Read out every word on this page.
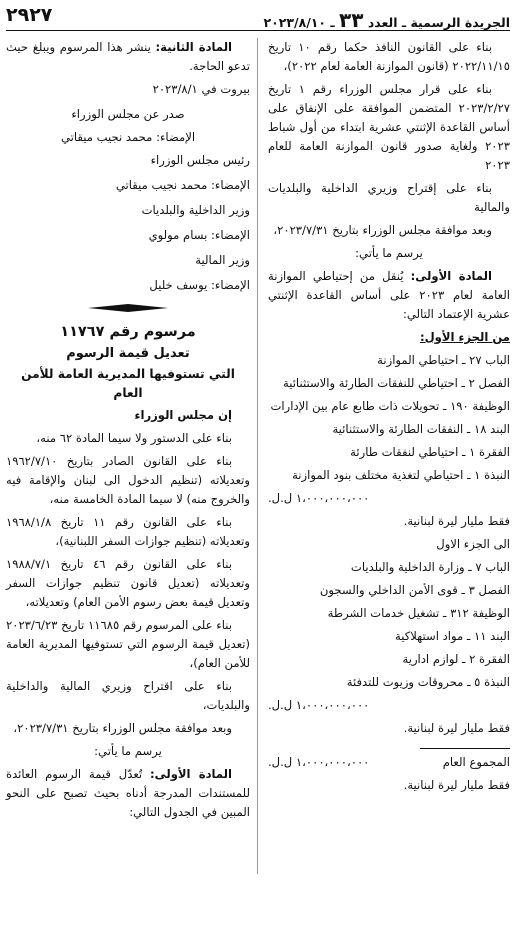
٢٩٢٧	الجريدة الرسمية ـ العدد ٣٣ ـ ٢٠٢٣/٨/١٠

بناء على القانون النافذ حكما رقم ١٠ تاريخ ٢٠٢٢/١١/١٥ (قانون الموازنة العامة لعام ٢٠٢٢)،

بناء على قرار مجلس الوزراء رقم ١ تاريخ ٢٠٢٣/٢/٢٧ المتضمن الموافقة على الإنفاق على أساس القاعدة الإثنتي عشرية ابتداء من أول شباط ٢٠٢٣ ولغاية صدور قانون الموازنة العامة للعام ٢٠٢٣

بناء على إقتراح وزيري الداخلية والبلديات والمالية

وبعد موافقة مجلس الوزراء بتاريخ ٢٠٢٣/٧/٣١،

يرسم ما يأتي:

المادة الأولى: يُنقل من إحتياطي الموازنة العامة لعام ٢٠٢٣ على أساس القاعدة الإثنتي عشرية الإعتماد التالي:

من الجزء الأول:

الباب ٢٧ ـ احتياطي الموازنة

الفصل ٢ ـ احتياطي للنفقات الطارئة والاستثنائية

الوظيفة ١٩٠ ـ تحويلات ذات طابع عام بين الإدارات

البند ١٨ ـ النفقات الطارئة والاستثنائية

الفقرة ١ ـ احتياطي لنفقات طارئة

النبذة ١ ـ احتياطي لتغذية مختلف بنود الموازنة

١،٠٠٠،٠٠٠،٠٠٠ ل.ل.

فقط مليار ليرة لبنانية.

الى الجزء الاول

الباب ٧ ـ وزارة الداخلية والبلديات

الفصل ٣ ـ قوى الأمن الداخلي والسجون

الوظيفة ٣١٢ ـ تشغيل خدمات الشرطة

البند ١١ ـ مواد استهلاكية

الفقرة ٢ ـ لوازم ادارية

النبذة ٥ ـ محروقات وزيوت للتدفئة

١،٠٠٠،٠٠٠،٠٠٠ ل.ل.

فقط مليار ليرة لبنانية.

المجموع العام
١،٠٠٠،٠٠٠،٠٠٠ ل.ل.

فقط مليار ليرة لبنانية.

المادة الثانية: ينشر هذا المرسوم ويبلغ حيث تدعو الحاجة.

بيروت في ٢٠٢٣/٨/١

صدر عن مجلس الوزراء

الإمضاء: محمد نجيب ميقاتي

رئيس مجلس الوزراء

الإمضاء: محمد نجيب ميقاتي

وزير الداخلية والبلديات

الإمضاء: بسام مولوي

وزير المالية

الإمضاء: يوسف خليل

مرسوم رقم ١١٧٦٧
تعديل قيمة الرسوم
التي تستوفيها المديرية العامة للأمن العام

إن مجلس الوزراء

بناء على الدستور ولا سيما المادة ٦٢ منه،

بناء على القانون الصادر بتاريخ ١٩٦٢/٧/١٠ وتعديلاته (تنظيم الدخول الى لبنان والإقامة فيه والخروج منه) لا سيما المادة الخامسة منه،

بناء على القانون رقم ١١ تاريخ ١٩٦٨/١/٨ وتعديلاته (تنظيم جوازات السفر اللبنانية)،

بناء على القانون رقم ٤٦ تاريخ ١٩٨٨/٧/١ وتعديلاته (تعديل قانون تنظيم جوازات السفر وتعديل قيمة بعض رسوم الأمن العام) وتعديلاته،

بناء على المرسوم رقم ١١٦٨٥ تاريخ ٢٠٢٣/٦/٢٣ (تعديل قيمة الرسوم التي تستوفيها المديرية العامة للأمن العام)،

بناء على اقتراح وزيري المالية والداخلية والبلديات،

وبعد موافقة مجلس الوزراء بتاريخ ٢٠٢٣/٧/٣١،

يرسم ما يأتي:

المادة الأولى: تُعدّل قيمة الرسوم العائدة للمستندات المدرجة أدناه بحيث تصبح على النحو المبين في الجدول التالي:
